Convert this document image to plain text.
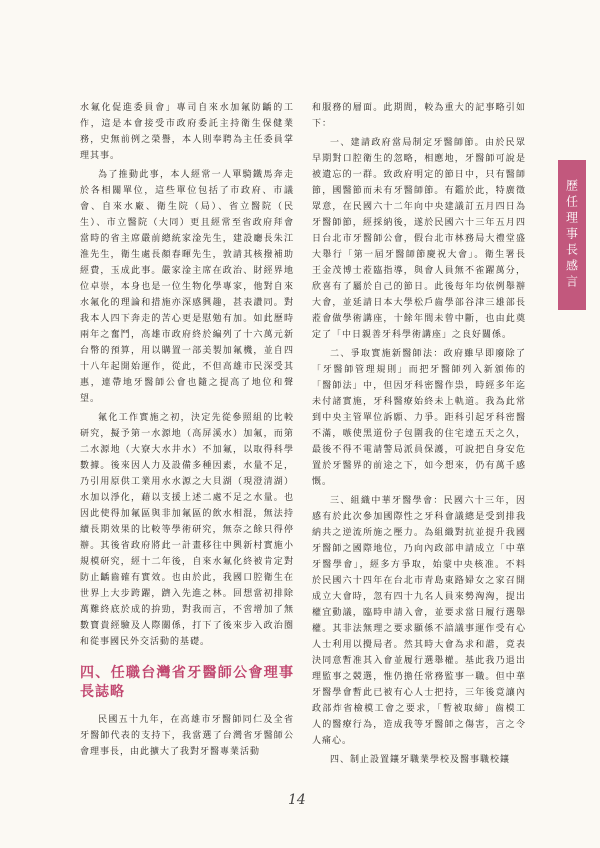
水氟化促進委員會」專司自來水加氟防齲的工作，這是本會接受市政府委託主持衛生保健業務，史無前例之榮譽，本人則奉聘為主任委員掌理其事。

為了推動此事，本人經常一人單騎鐵馬奔走於各相關單位，這些單位包括了市政府、市議會、自來水廠、衛生院（局）、省立醫院（民生）、市立醫院（大同）更且經常至省政府拜會當時的省主席嚴前總統家淦先生，建設廳長朱江淮先生，衛生處長顏春暉先生，敦請其核撥補助經費，玉成此事。嚴家淦主席在政治、財經界地位卓崇，本身也是一位生物化學專家，他對自來水氟化的理論和措施亦深感興趣，甚表讚同。對我本人四下奔走的苦心更是慰勉有加。如此歷時兩年之奮鬥，高雄市政府終於編列了十六萬元新台幣的預算，用以購置一部美製加氟機，並自四十八年起開始運作，從此，不但高雄市民深受其惠，連帶地牙醫師公會也隨之提高了地位和聲望。

氟化工作實施之初，決定先從參照組的比較研究，擬予第一水源地（高屏溪水）加氟，而第二水源地（大寮大水井水）不加氟，以取得科學數據。後來因人力及設備多種因素，水量不足，乃引用原供工業用水水源之大貝湖（現澄清湖）水加以淨化，藉以支援上述二處不足之水量。也因此使得加氟區與非加氟區的飲水相混，無法持續長期效果的比較等學術研究，無奈之餘只得停辦。其後省政府將此一計畫移往中興新村實施小規模研究，經十二年後，自來水氟化終被肯定對防止齲齒確有實效。也由於此，我國口腔衛生在世界上大步跨躍，躋入先進之林。回想當初排除萬難終底於成的拚勁，對我而言，不啻增加了無數寶貴經驗及人際關係，打下了後來步入政治圈和從事國民外交活動的基礎。

四、任職台灣省牙醫師公會理事長誌略

民國五十九年，在高雄市牙醫師同仁及全省牙醫師代表的支持下，我當選了台灣省牙醫師公會理事長，由此擴大了我對牙醫專業活動

和服務的層面。此期間，較為重大的記事略引如下：

一、建請政府當局制定牙醫師節。由於民眾早期對口腔衛生的忽略，相應地，牙醫師可說是被遺忘的一群。致政府明定的節日中，只有醫師節，國醫節而未有牙醫師節。有鑑於此，特廣徵眾意，在民國六十二年向中央建議訂五月四日為牙醫師節，經採納後，遂於民國六十三年五月四日台北市牙醫師公會，假台北市林務局大禮堂盛大舉行「第一屆牙醫師節慶祝大會」。衛生署長王金茂博士蒞臨指導，與會人員無不雀躍萬分，欣喜有了屬於自己的節日。此後每年均依例舉辦大會，並延請日本大學松戶齒學部谷津三雄部長蒞會做學術講座，十餘年間未曾中斷，也由此奠定了「中日親善牙科學術講座」之良好關係。

二、爭取實施新醫師法：政府雖早即廢除了「牙醫師管理規則」而把牙醫師列入新頒佈的「醫師法」中，但因牙科密醫作祟，時經多年迄未付諸實施，牙科醫療始終未上軌道。我為此常到中央主管單位訴願、力爭。距科引起牙科密醫不滿，嗾使黑道份子包圍我的住宅達五天之久，最後不得不電請警局派員保護，可說把自身安危置於牙醫界的前途之下，如今想來，仍有萬千感慨。

三、組織中華牙醫學會：民國六十三年，因感有於此次參加國際性之牙科會議總是受到排我納共之逆流所施之壓力。為組織對抗並提升我國牙醫師之國際地位，乃向內政部申請成立「中華牙醫學會」，經多方爭取，始蒙中央核准。不料於民國六十四年在台北市青島東路婦女之家召開成立大會時，忽有四十九名人員來勢洶洶，提出權宜動議，臨時申請入會，並要求當日履行選舉權。其非法無理之要求顯係不諳議事運作受有心人士利用以攪局者。然其時大會為求和諧，竟表決同意暫准其入會並履行選舉權。基此我乃退出理監事之競選，惟仍擔任常務監事一職。但中華牙醫學會暫此已被有心人士把持，三年後竟讓內政部炸省檢模工會之要求，「暫被取締」齒模工人的醫療行為，造成我等牙醫師之傷害，言之令人痛心。

四、制止設置鑲牙職業學校及醫事職校鑲

歷任理事長感言
14
